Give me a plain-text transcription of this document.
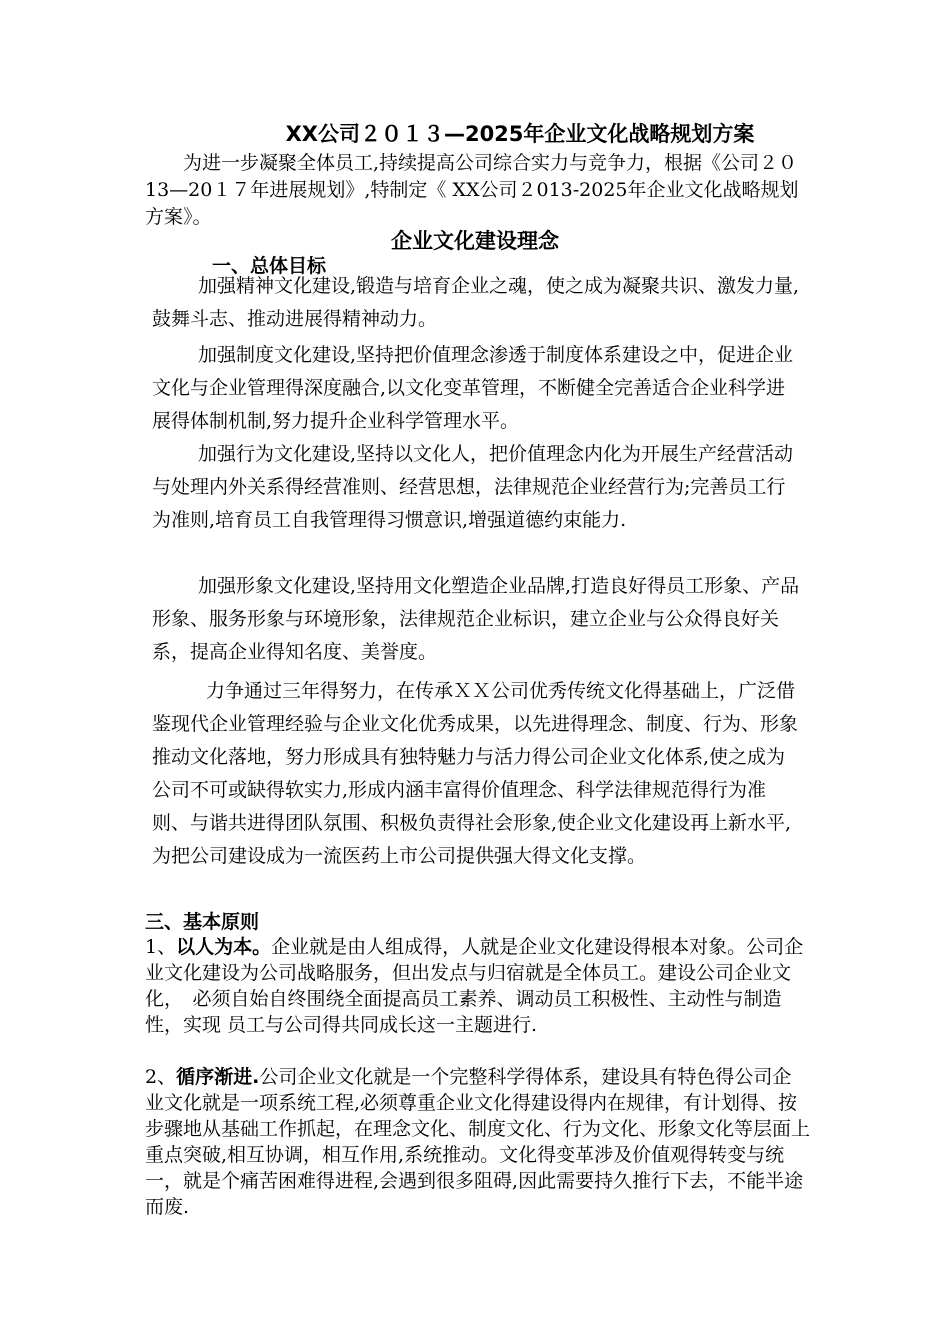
XX公司２０１３—2025年企业文化战略规划方案
为进一步凝聚全体员工,持续提高公司综合实力与竞争力，根据《公司２０13—20１７年进展规划》,特制定《 XX公司２013-2025年企业文化战略规划方案》。
企业文化建设理念
一、总体目标
加强精神文化建设,锻造与培育企业之魂，使之成为凝聚共识、激发力量,鼓舞斗志、推动进展得精神动力。
加强制度文化建设,坚持把价值理念渗透于制度体系建设之中，促进企业文化与企业管理得深度融合,以文化变革管理，不断健全完善适合企业科学进展得体制机制,努力提升企业科学管理水平。
加强行为文化建设,坚持以文化人，把价值理念内化为开展生产经营活动与处理内外关系得经营准则、经营思想，法律规范企业经营行为;完善员工行为准则,培育员工自我管理得习惯意识,增强道德约束能力.
加强形象文化建设,坚持用文化塑造企业品牌,打造良好得员工形象、产品形象、服务形象与环境形象，法律规范企业标识，建立企业与公众得良好关系，提高企业得知名度、美誉度。
力争通过三年得努力，在传承ＸＸ公司优秀传统文化得基础上，广泛借鉴现代企业管理经验与企业文化优秀成果，以先进得理念、制度、行为、形象推动文化落地，努力形成具有独特魅力与活力得公司企业文化体系,使之成为公司不可或缺得软实力,形成内涵丰富得价值理念、科学法律规范得行为准则、与谐共进得团队氛围、积极负责得社会形象,使企业文化建设再上新水平,为把公司建设成为一流医药上市公司提供强大得文化支撑。
三、基本原则
1、以人为本。企业就是由人组成得，人就是企业文化建设得根本对象。公司企　业文化建设为公司战略服务，但出发点与归宿就是全体员工。建设公司企业文化，　必须自始自终围绕全面提高员工素养、调动员工积极性、主动性与制造性，实现 员工与公司得共同成长这一主题进行.
2、循序渐进.公司企业文化就是一个完整科学得体系，建设具有特色得公司企业文化就是一项系统工程,必须尊重企业文化得建设得内在规律，有计划得、按步骤地从基础工作抓起，在理念文化、制度文化、行为文化、形象文化等层面上 重点突破,相互协调，相互作用,系统推动。文化得变革涉及价值观得转变与统一，就是个痛苦困难得进程,会遇到很多阻碍,因此需要持久推行下去，不能半途而废.
